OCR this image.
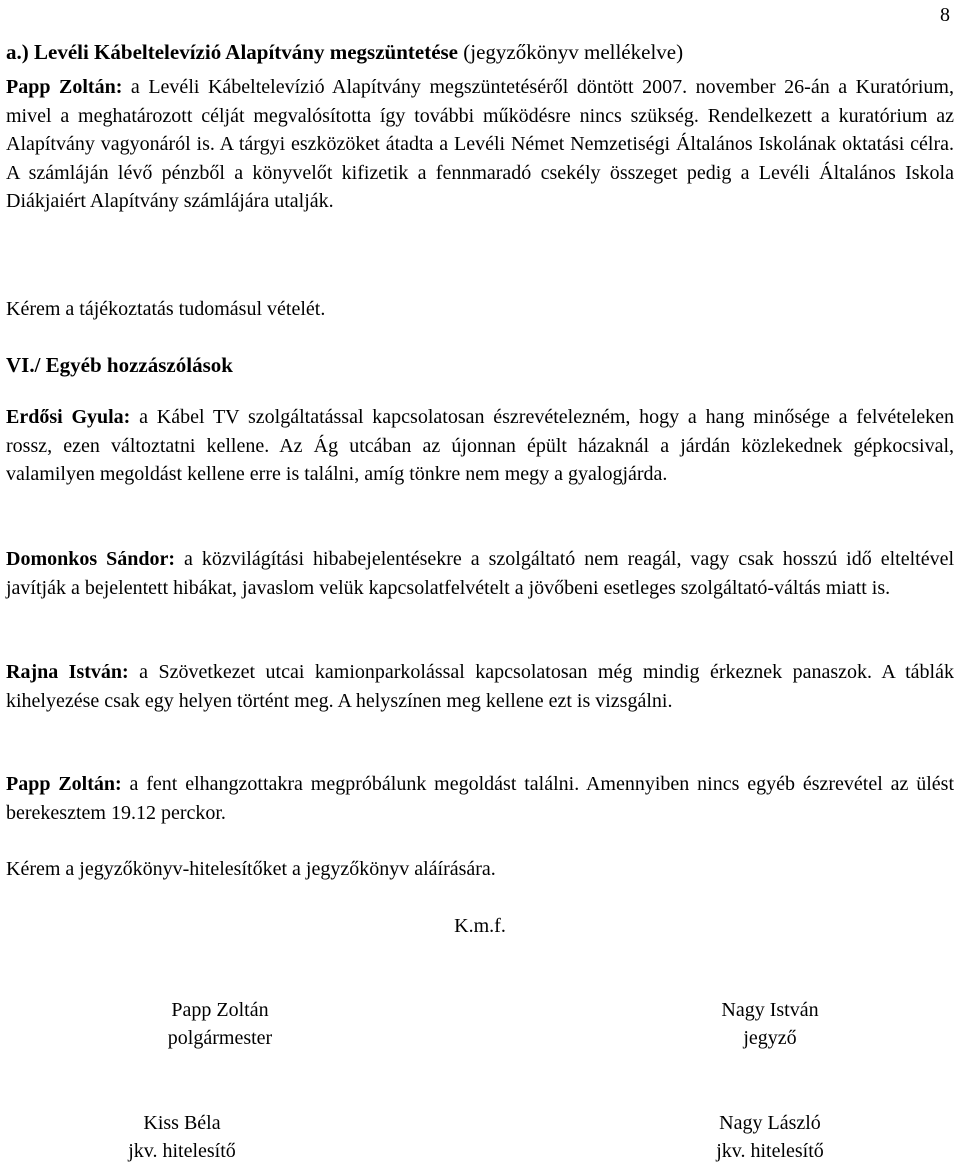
8
a.) Levéli Kábeltelevízió Alapítvány megszüntetése (jegyzőkönyv mellékelve)

Papp Zoltán: a Levéli Kábeltelevízió Alapítvány megszüntetéséről döntött 2007. november 26-án a Kuratórium, mivel a meghatározott célját megvalósította így további működésre nincs szükség. Rendelkezett a kuratórium az Alapítvány vagyonáról is. A tárgyi eszközöket átadta a Levéli Német Nemzetiségi Általános Iskolának oktatási célra. A számláján lévő pénzből a könyvelőt kifizetik a fennmaradó csekély összeget pedig a Levéli Általános Iskola Diákjaiért Alapítvány számlájára utalják.

Kérem a tájékoztatás tudomásul vételét.

VI./ Egyéb hozzászólások

Erdősi Gyula: a Kábel TV szolgáltatással kapcsolatosan észrevételezném, hogy a hang minősége a felvételeken rossz, ezen változtatni kellene. Az Ág utcában az újonnan épült házaknál a járdán közlekednek gépkocsival, valamilyen megoldást kellene erre is találni, amíg tönkre nem megy a gyalogjárda.

Domonkos Sándor: a közvilágítási hibabejelentésekre a szolgáltató nem reagál, vagy csak hosszú idő elteltével javítják a bejelentett hibákat, javaslom velük kapcsolatfelvételt a jövőbeni esetleges szolgáltató-váltás miatt is.

Rajna István: a Szövetkezet utcai kamionparkolással kapcsolatosan még mindig érkeznek panaszok. A táblák kihelyezése csak egy helyen történt meg. A helyszínen meg kellene ezt is vizsgálni.

Papp Zoltán: a fent elhangzottakra megpróbálunk megoldást találni. Amennyiben nincs egyéb észrevétel az ülést berekesztem 19.12 perckor.

Kérem a jegyzőkönyv-hitelesítőket a jegyzőkönyv aláírására.

K.m.f.
Papp Zoltán
polgármester
Nagy István
jegyző
Kiss Béla
jkv. hitelesítő
Nagy László
jkv. hitelesítő
